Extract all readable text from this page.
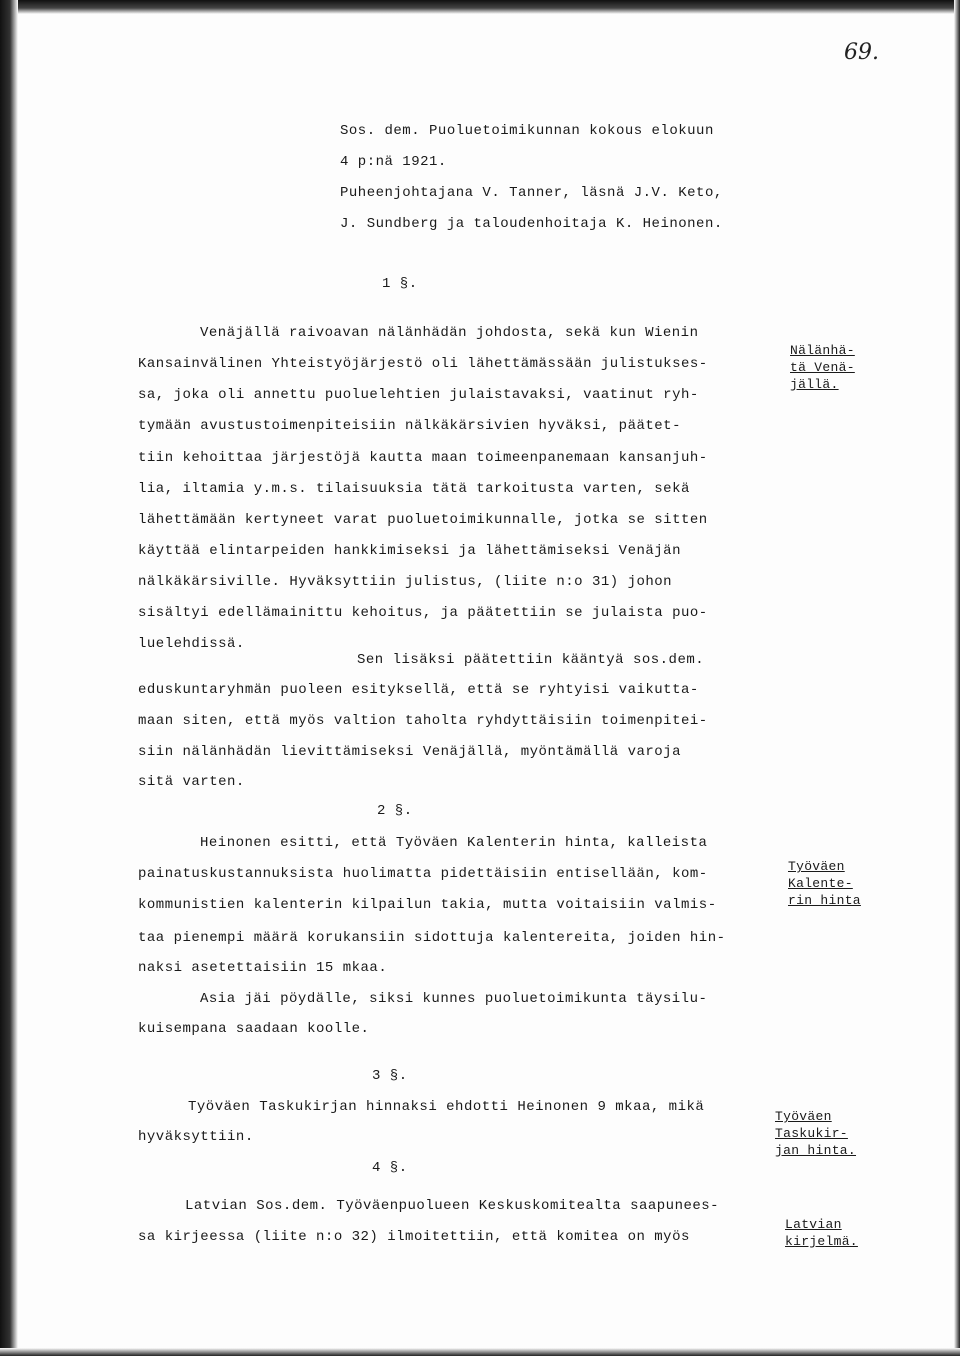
69.

Sos. dem. Puoluetoimikunnan kokous elokuun

4 p:nä 1921.

Puheenjohtajana V. Tanner, läsnä J.V. Keto,

J. Sundberg ja taloudenhoitaja K. Heinonen.

1 §.

Venäjällä raivoavan nälänhädän johdosta, sekä kun Wienin

Kansainvälinen Yhteistyöjärjestö oli lähettämässään julistukses-

sa, joka oli annettu puoluelehtien julaistavaksi, vaatinut ryh-

tymään avustustoimenpiteisiin nälkäkärsivien hyväksi, päätet-

tiin kehoittaa järjestöjä kautta maan toimeenpanemaan kansanjuh-

lia, iltamia y.m.s. tilaisuuksia tätä tarkoitusta varten, sekä

lähettämään kertyneet varat puoluetoimikunnalle, jotka se sitten

käyttää elintarpeiden hankkimiseksi ja lähettämiseksi Venäjän

nälkäkärsiville. Hyväksyttiin julistus, (liite n:o 31) johon

sisältyi edellämainittu kehoitus, ja päätettiin se julaista puo-

luelehdissä.

Sen lisäksi päätettiin kääntyä sos.dem.

eduskuntaryhmän puoleen esityksellä, että se ryhtyisi vaikutta-

maan siten, että myös valtion taholta ryhdyttäisiin toimenpitei-

siin nälänhädän lievittämiseksi Venäjällä, myöntämällä varoja

sitä varten.

Nälänhä-

tä Venä-

jällä.

2 §.

Heinonen esitti, että Työväen Kalenterin hinta, kalleista

painatuskustannuksista huolimatta pidettäisiin entisellään, kom-

kommunistien kalenterin kilpailun takia, mutta voitaisiin valmis-

taa pienempi määrä korukansiin sidottuja kalentereita, joiden hin-

naksi asetettaisiin 15 mkaa.

Asia jäi pöydälle, siksi kunnes puoluetoimikunta täysilu-

kuisempana saadaan koolle.

Työväen

Kalente-

rin hinta

3 §.

Työväen Taskukirjan hinnaksi ehdotti Heinonen 9 mkaa, mikä

hyväksyttiin.

Työväen

Taskukir-

jan hinta.

4 §.

Latvian Sos.dem. Työväenpuolueen Keskuskomitealta saapunees-

sa kirjeessa (liite n:o 32) ilmoitettiin, että komitea on myös

Latvian

kirjelmä.
